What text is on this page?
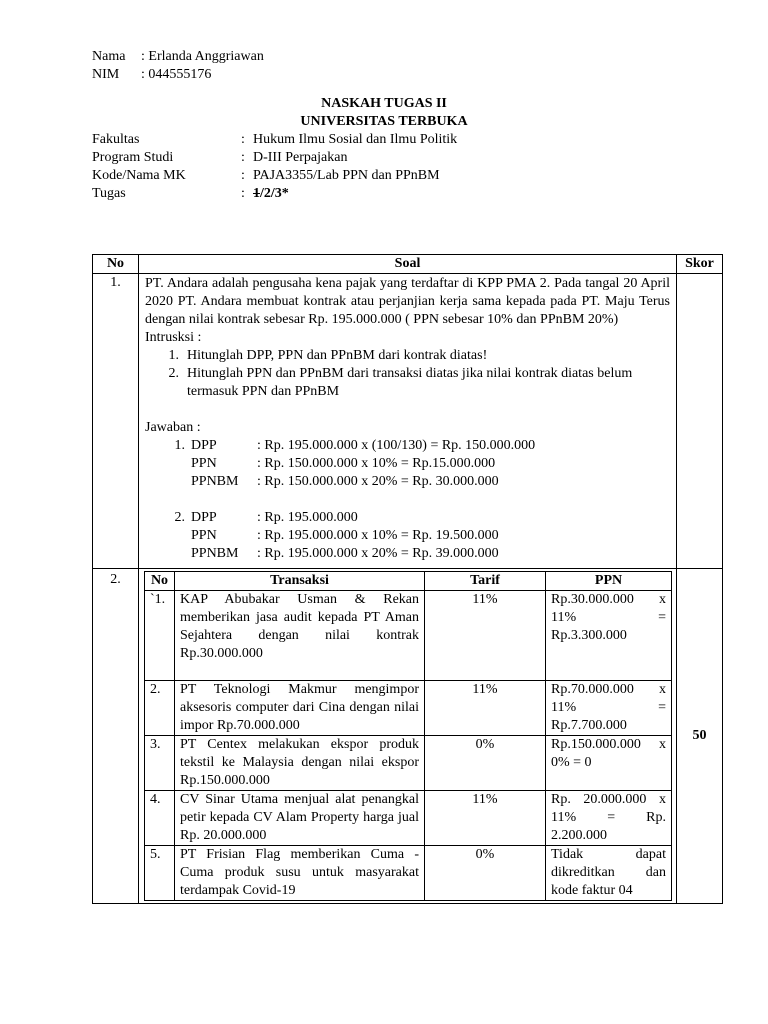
Nama : Erlanda Anggriawan
NIM : 044555176
NASKAH TUGAS II
UNIVERSITAS TERBUKA
Fakultas	: Hukum Ilmu Sosial dan Ilmu Politik
Program Studi	: D-III Perpajakan
Kode/Nama MK	: PAJA3355/Lab PPN dan PPnBM
Tugas	: 1/2/3*
No	Soal	Skor
1.	PT. Andara adalah pengusaha kena pajak yang terdaftar di KPP PMA 2. Pada tangal 20 April 2020 PT. Andara membuat kontrak atau perjanjian kerja sama kepada pada PT. Maju Terus dengan nilai kontrak sebesar Rp. 195.000.000 ( PPN sebesar 10% dan PPnBM 20%)
Intrusksi :
1. Hitunglah DPP, PPN dan PPnBM dari kontrak diatas!
2. Hitunglah PPN dan PPnBM dari transaksi diatas jika nilai kontrak diatas belum termasuk PPN dan PPnBM
Jawaban :
1. DPP	: Rp. 195.000.000 x (100/130) = Rp. 150.000.000
PPN	: Rp. 150.000.000 x 10% = Rp.15.000.000
PPNBM	: Rp. 150.000.000 x 20% = Rp. 30.000.000
2. DPP	: Rp. 195.000.000
PPN	: Rp. 195.000.000 x 10% = Rp. 19.500.000
PPNBM	: Rp. 195.000.000 x 20% = Rp. 39.000.000

2.	No	Transaksi	Tarif	PPN
`1.	KAP Abubakar Usman & Rekan memberikan jasa audit kepada PT Aman Sejahtera dengan nilai kontrak Rp.30.000.000	11%	Rp.30.000.000 x 11% = Rp.3.300.000
2.	PT Teknologi Makmur mengimpor aksesoris computer dari Cina dengan nilai impor Rp.70.000.000	11%	Rp.70.000.000 x 11% = Rp.7.700.000
3.	PT Centex melakukan ekspor produk tekstil ke Malaysia dengan nilai ekspor Rp.150.000.000	0%	Rp.150.000.000 x 0% = 0
4.	CV Sinar Utama menjual alat penangkal petir kepada CV Alam Property harga jual Rp. 20.000.000	11%	Rp. 20.000.000 x 11% = Rp. 2.200.000
5.	PT Frisian Flag memberikan Cuma - Cuma produk susu untuk masyarakat terdampak Covid-19	0%	Tidak dapat dikreditkan dan kode faktur 04
	50
